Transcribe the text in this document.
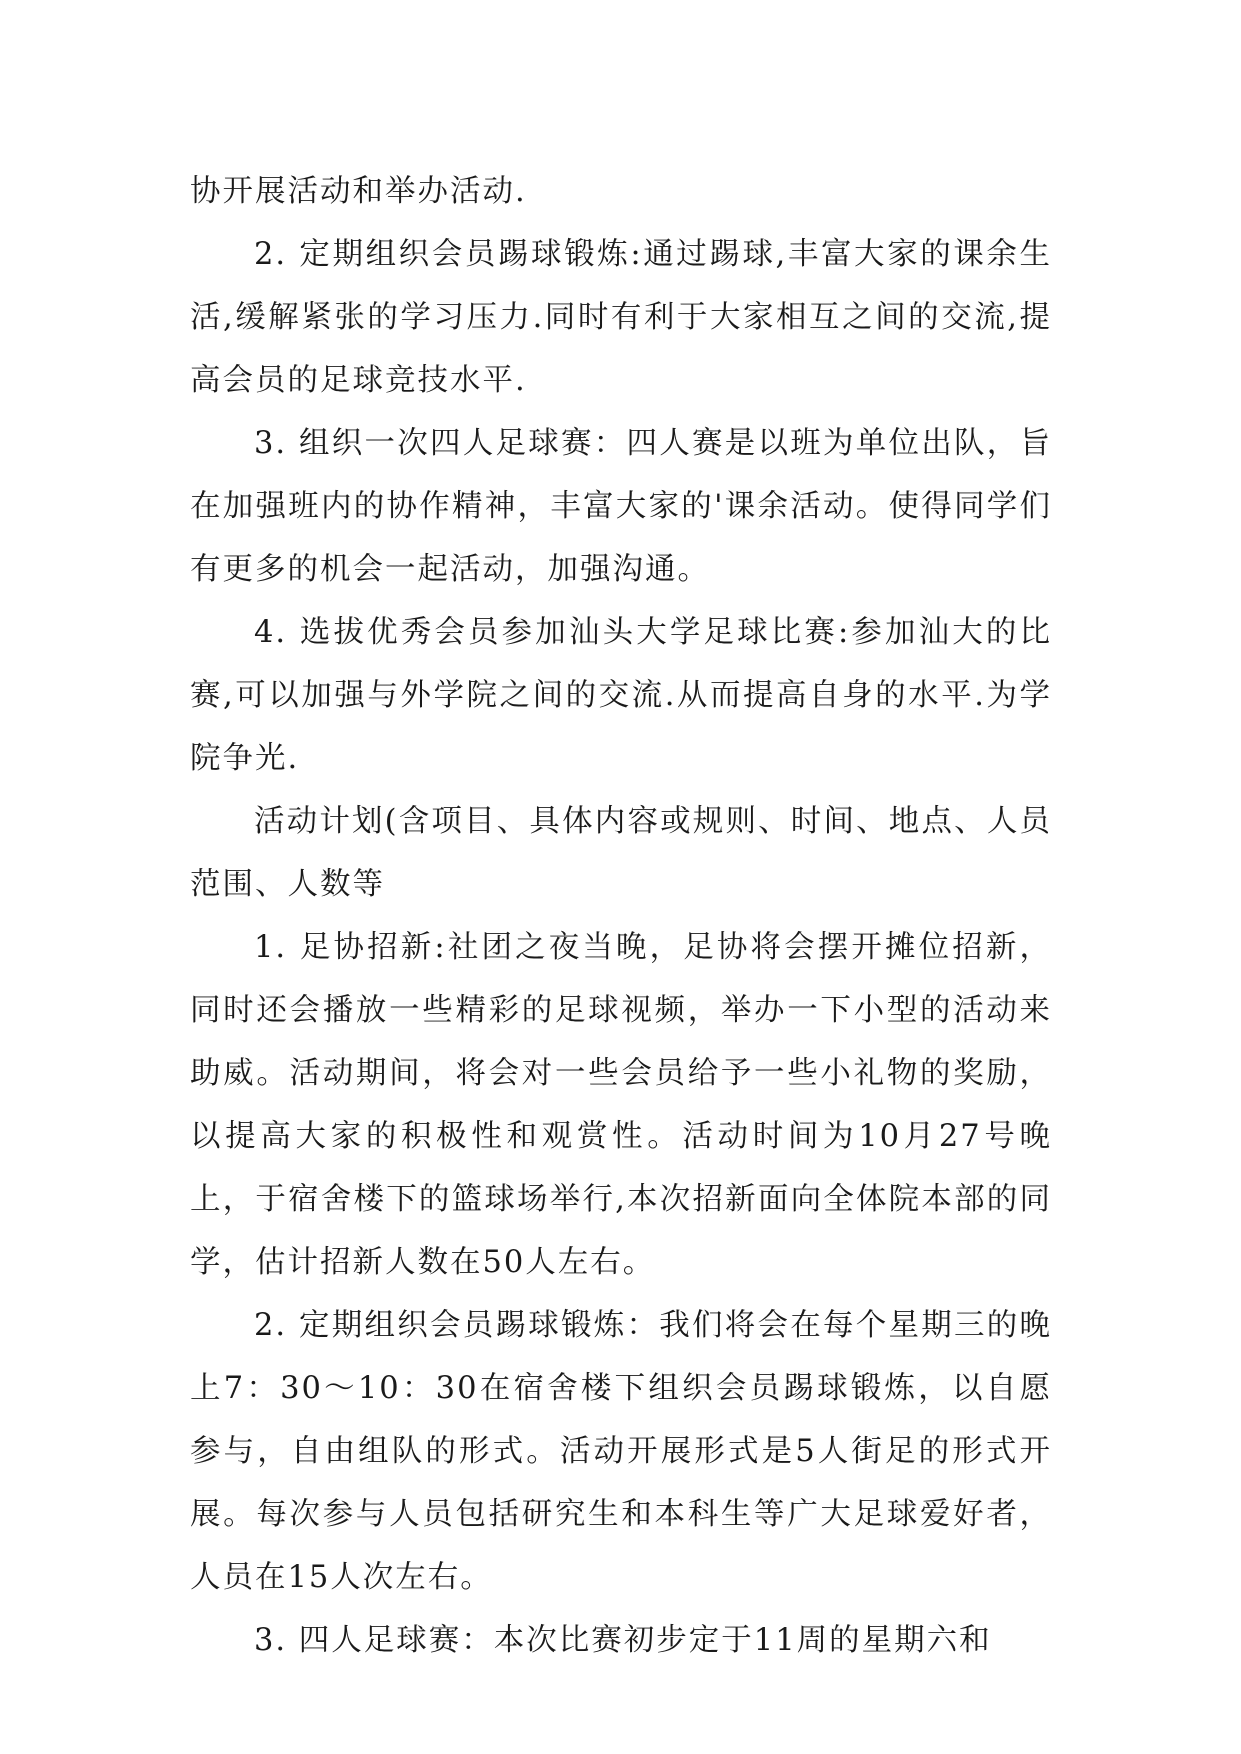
协开展活动和举办活动.

2. 定期组织会员踢球锻炼:通过踢球,丰富大家的课余生活,缓解紧张的学习压力.同时有利于大家相互之间的交流,提高会员的足球竞技水平.

3. 组织一次四人足球赛：四人赛是以班为单位出队，旨在加强班内的协作精神，丰富大家的'课余活动。使得同学们有更多的机会一起活动，加强沟通。

4. 选拔优秀会员参加汕头大学足球比赛:参加汕大的比赛,可以加强与外学院之间的交流.从而提高自身的水平.为学院争光.

活动计划(含项目、具体内容或规则、时间、地点、人员范围、人数等

1. 足协招新:社团之夜当晚，足协将会摆开摊位招新，同时还会播放一些精彩的足球视频，举办一下小型的活动来助威。活动期间，将会对一些会员给予一些小礼物的奖励，以提高大家的积极性和观赏性。活动时间为10月27号晚上，于宿舍楼下的篮球场举行,本次招新面向全体院本部的同学，估计招新人数在50人左右。

2. 定期组织会员踢球锻炼：我们将会在每个星期三的晚上7：30～10：30在宿舍楼下组织会员踢球锻炼，以自愿参与，自由组队的形式。活动开展形式是5人街足的形式开展。每次参与人员包括研究生和本科生等广大足球爱好者，人员在15人次左右。

3. 四人足球赛：本次比赛初步定于11周的星期六和
